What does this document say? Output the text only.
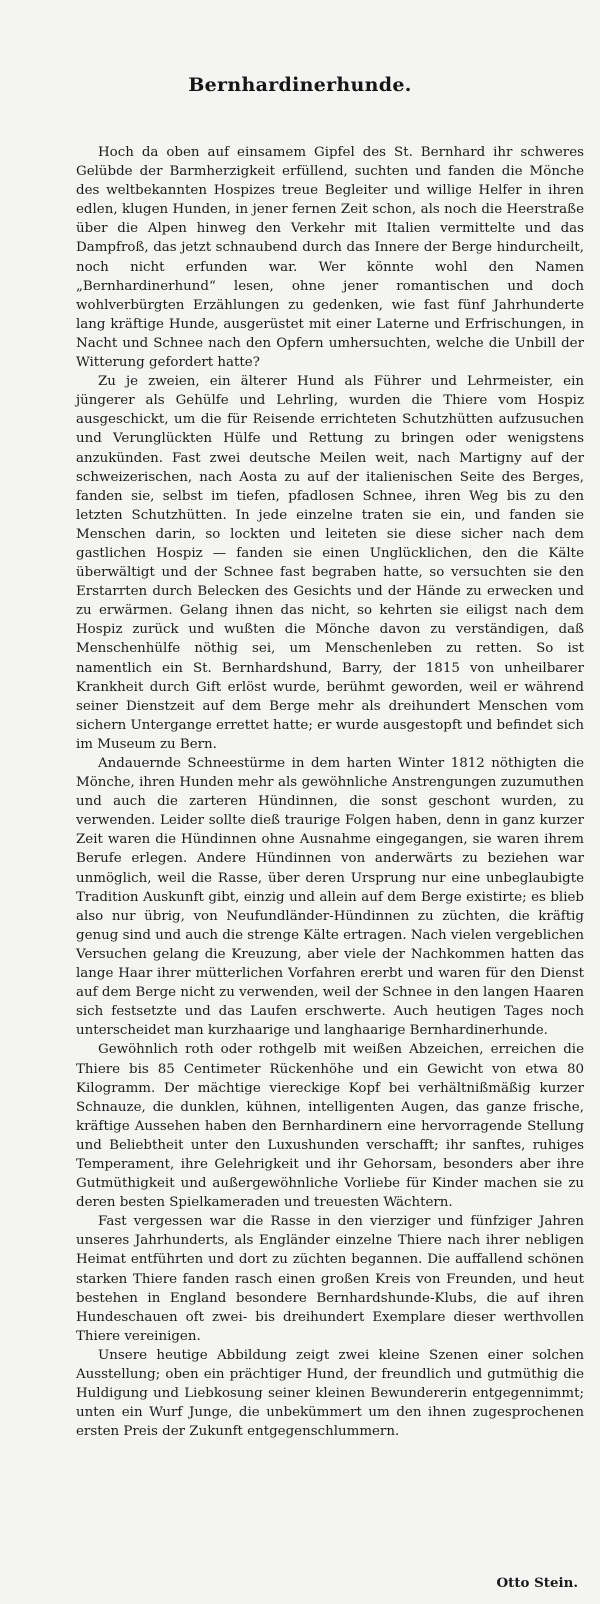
Bernhardinerhunde.

Hoch da oben auf einsamem Gipfel des St. Bernhard ihr schweres Gelübde der Barmherzigkeit erfüllend, suchten und fanden die Mönche des weltbekannten Hospizes treue Begleiter und willige Helfer in ihren edlen, klugen Hunden, in jener fernen Zeit schon, als noch die Heerstraße über die Alpen hinweg den Verkehr mit Italien vermittelte und das Dampfroß, das jetzt schnaubend durch das Innere der Berge hindurcheilt, noch nicht erfunden war. Wer könnte wohl den Namen „Bernhardinerhund“ lesen, ohne jener romantischen und doch wohlverbürgten Erzählungen zu gedenken, wie fast fünf Jahrhunderte lang kräftige Hunde, ausgerüstet mit einer Laterne und Erfrischungen, in Nacht und Schnee nach den Opfern umhersuchten, welche die Unbill der Witterung gefordert hatte?

Zu je zweien, ein älterer Hund als Führer und Lehrmeister, ein jüngerer als Gehülfe und Lehrling, wurden die Thiere vom Hospiz ausgeschickt, um die für Reisende errichteten Schutzhütten aufzusuchen und Verunglückten Hülfe und Rettung zu bringen oder wenigstens anzukünden. Fast zwei deutsche Meilen weit, nach Martigny auf der schweizerischen, nach Aosta zu auf der italienischen Seite des Berges, fanden sie, selbst im tiefen, pfadlosen Schnee, ihren Weg bis zu den letzten Schutzhütten. In jede einzelne traten sie ein, und fanden sie Menschen darin, so lockten und leiteten sie diese sicher nach dem gastlichen Hospiz — fanden sie einen Unglücklichen, den die Kälte überwältigt und der Schnee fast begraben hatte, so versuchten sie den Erstarrten durch Belecken des Gesichts und der Hände zu erwecken und zu erwärmen. Gelang ihnen das nicht, so kehrten sie eiligst nach dem Hospiz zurück und wußten die Mönche davon zu verständigen, daß Menschenhülfe nöthig sei, um Menschenleben zu retten. So ist namentlich ein St. Bernhardshund, Barry, der 1815 von unheilbarer Krankheit durch Gift erlöst wurde, berühmt geworden, weil er während seiner Dienstzeit auf dem Berge mehr als dreihundert Menschen vom sichern Untergange errettet hatte; er wurde ausgestopft und befindet sich im Museum zu Bern.

Andauernde Schneestürme in dem harten Winter 1812 nöthigten die Mönche, ihren Hunden mehr als gewöhnliche Anstrengungen zuzumuthen und auch die zarteren Hündinnen, die sonst geschont wurden, zu verwenden. Leider sollte dieß traurige Folgen haben, denn in ganz kurzer Zeit waren die Hündinnen ohne Ausnahme eingegangen, sie waren ihrem Berufe erlegen. Andere Hündinnen von anderwärts zu beziehen war unmöglich, weil die Rasse, über deren Ursprung nur eine unbeglaubigte Tradition Auskunft gibt, einzig und allein auf dem Berge existirte; es blieb also nur übrig, von Neufundländer-Hündinnen zu züchten, die kräftig genug sind und auch die strenge Kälte ertragen. Nach vielen vergeblichen Versuchen gelang die Kreuzung, aber viele der Nachkommen hatten das lange Haar ihrer mütterlichen Vorfahren ererbt und waren für den Dienst auf dem Berge nicht zu verwenden, weil der Schnee in den langen Haaren sich festsetzte und das Laufen erschwerte. Auch heutigen Tages noch unterscheidet man kurzhaarige und langhaarige Bernhardinerhunde.

Gewöhnlich roth oder rothgelb mit weißen Abzeichen, erreichen die Thiere bis 85 Centimeter Rückenhöhe und ein Gewicht von etwa 80 Kilogramm. Der mächtige viereckige Kopf bei verhältnißmäßig kurzer Schnauze, die dunklen, kühnen, intelligenten Augen, das ganze frische, kräftige Aussehen haben den Bernhardinern eine hervorragende Stellung und Beliebtheit unter den Luxushunden verschafft; ihr sanftes, ruhiges Temperament, ihre Gelehrigkeit und ihr Gehorsam, besonders aber ihre Gutmüthigkeit und außergewöhnliche Vorliebe für Kinder machen sie zu deren besten Spielkameraden und treuesten Wächtern.

Fast vergessen war die Rasse in den vierziger und fünfziger Jahren unseres Jahrhunderts, als Engländer einzelne Thiere nach ihrer nebligen Heimat entführten und dort zu züchten begannen. Die auffallend schönen starken Thiere fanden rasch einen großen Kreis von Freunden, und heut bestehen in England besondere Bernhardshunde-Klubs, die auf ihren Hundeschauen oft zwei- bis dreihundert Exemplare dieser werthvollen Thiere vereinigen.

Unsere heutige Abbildung zeigt zwei kleine Szenen einer solchen Ausstellung; oben ein prächtiger Hund, der freundlich und gutmüthig die Huldigung und Liebkosung seiner kleinen Bewundererin entgegennimmt; unten ein Wurf Junge, die unbekümmert um den ihnen zugesprochenen ersten Preis der Zukunft entgegenschlummern.

Otto Stein.
